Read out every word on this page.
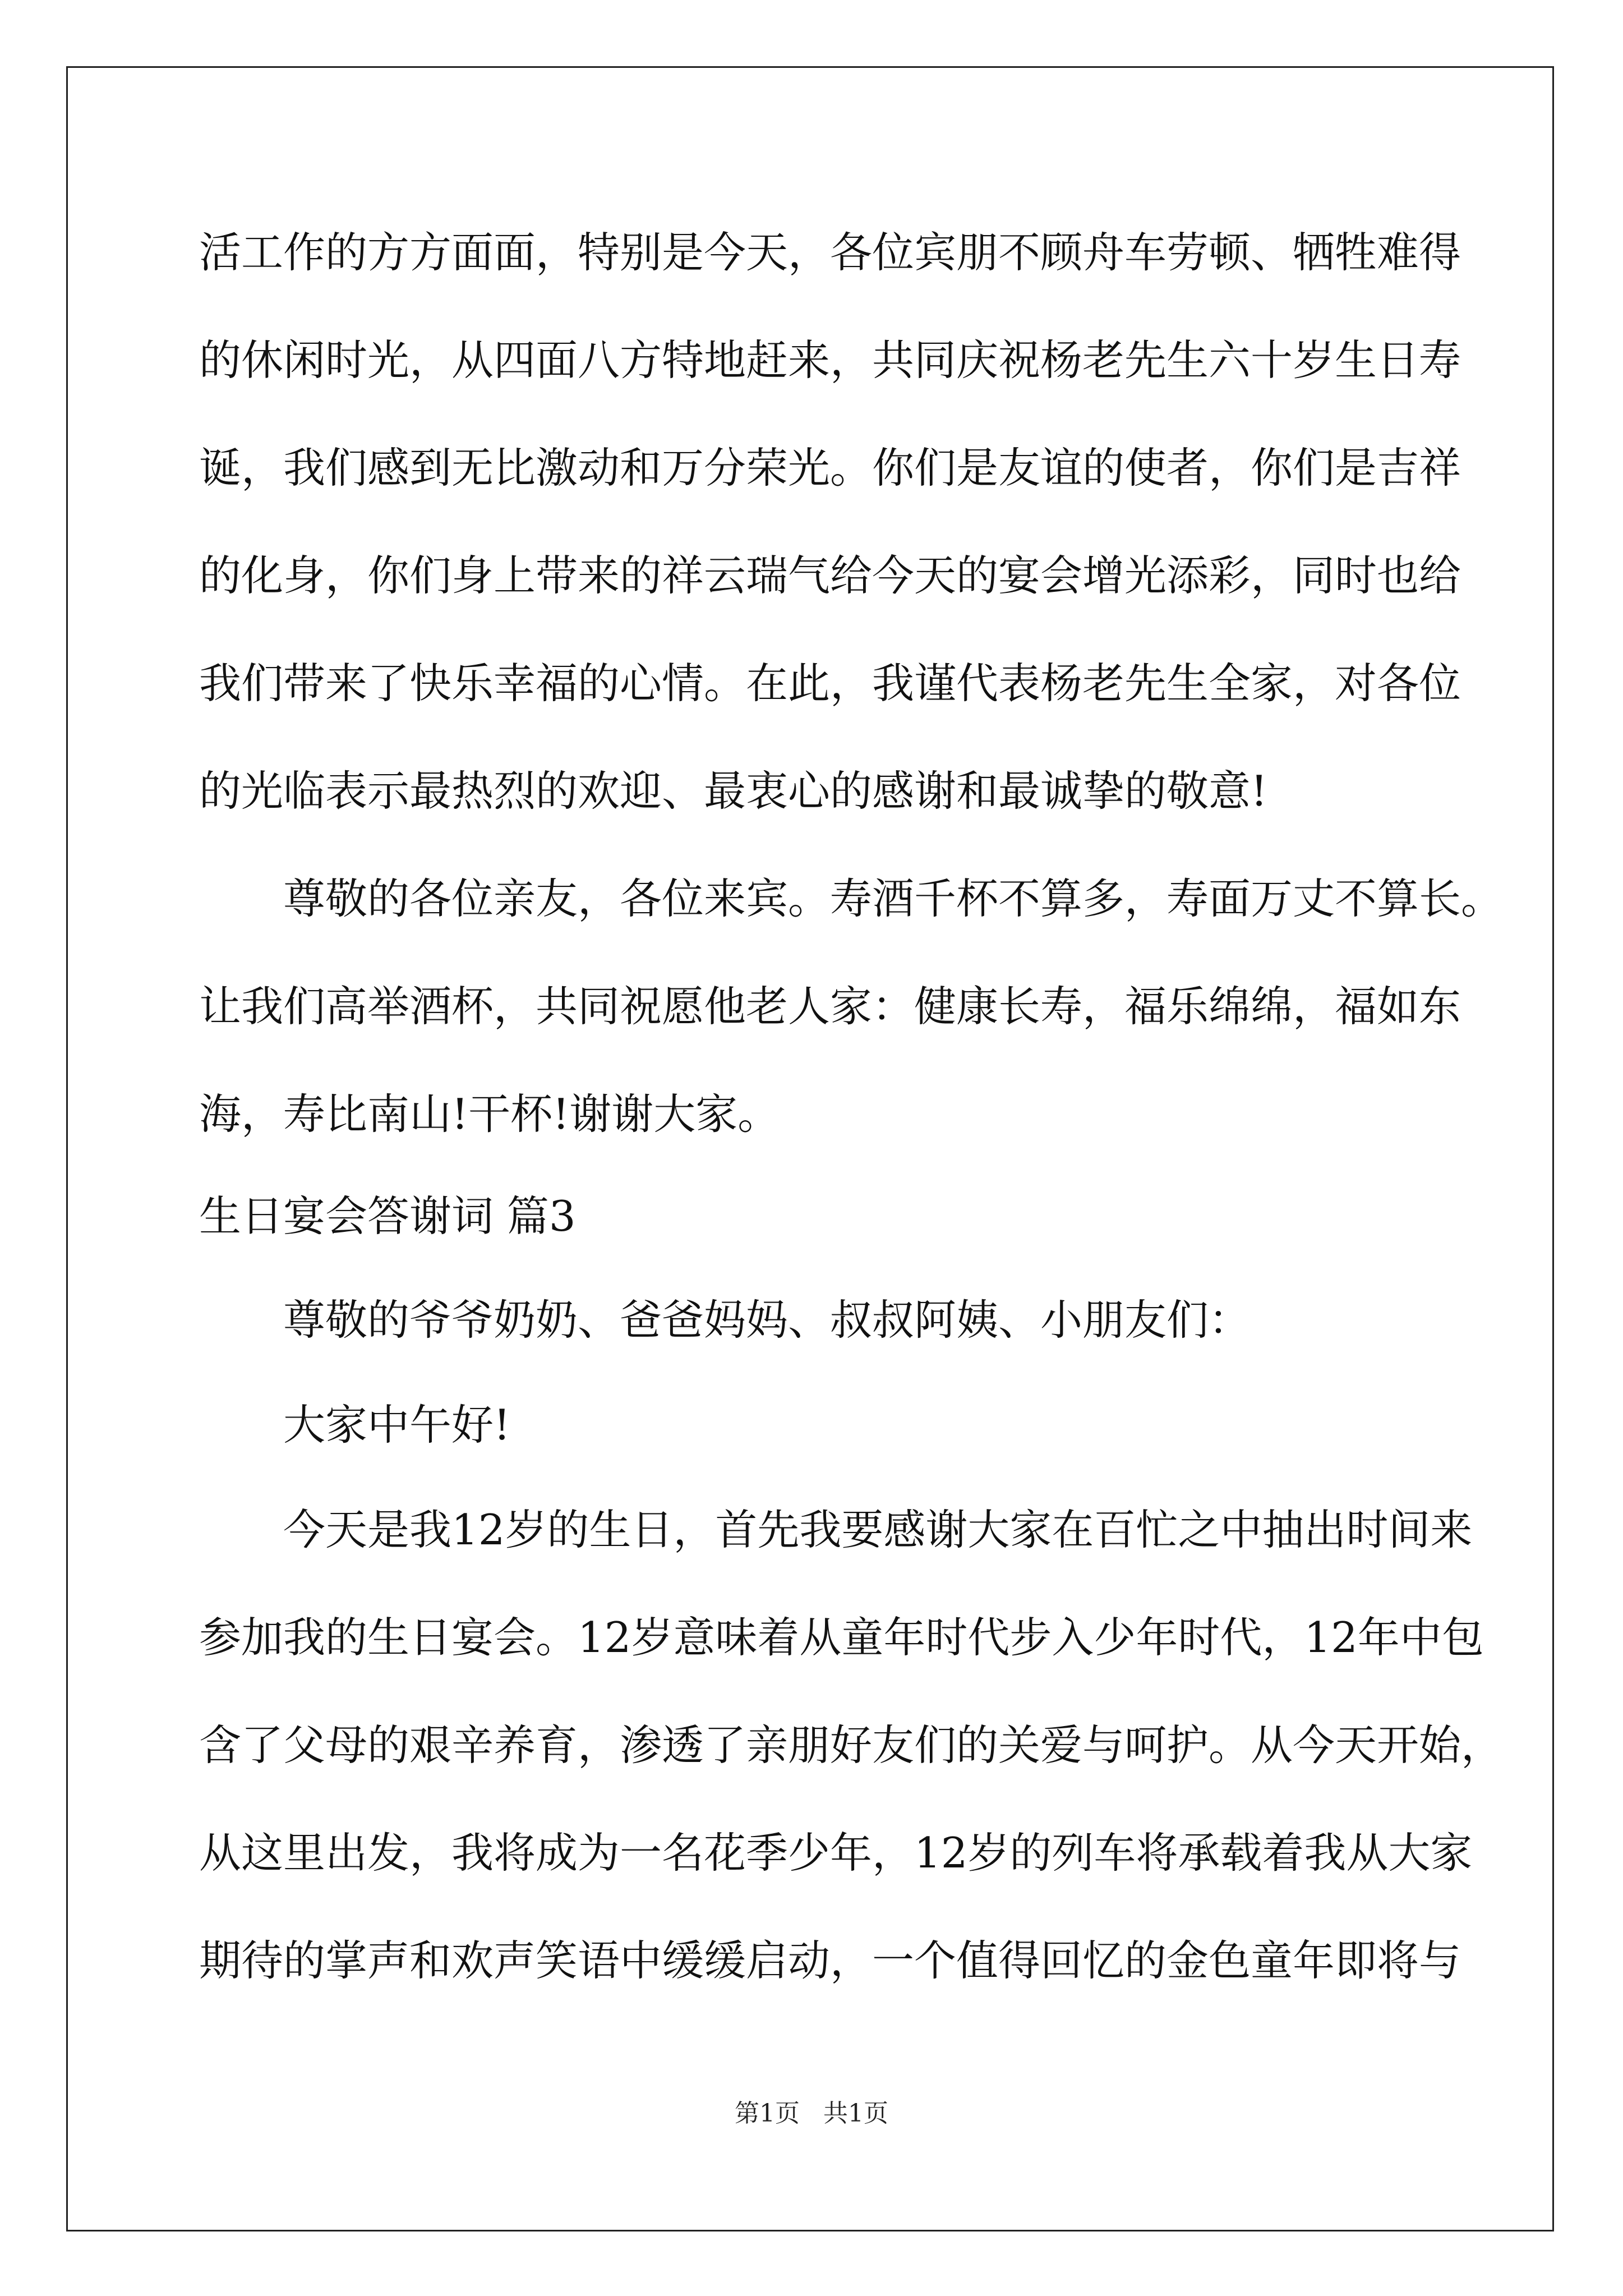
活工作的方方面面，特别是今天，各位宾朋不顾舟车劳顿、牺牲难得
的休闲时光，从四面八方特地赶来，共同庆祝杨老先生六十岁生日寿
诞，我们感到无比激动和万分荣光。你们是友谊的使者，你们是吉祥
的化身，你们身上带来的祥云瑞气给今天的宴会增光添彩，同时也给
我们带来了快乐幸福的心情。在此，我谨代表杨老先生全家，对各位
的光临表示最热烈的欢迎、最衷心的感谢和最诚挚的敬意!
尊敬的各位亲友，各位来宾。寿酒千杯不算多，寿面万丈不算长。
让我们高举酒杯，共同祝愿他老人家：健康长寿，福乐绵绵，福如东
海，寿比南山!干杯!谢谢大家。
生日宴会答谢词 篇3
尊敬的爷爷奶奶、爸爸妈妈、叔叔阿姨、小朋友们：
大家中午好!
今天是我12岁的生日，首先我要感谢大家在百忙之中抽出时间来
参加我的生日宴会。12岁意味着从童年时代步入少年时代，12年中包
含了父母的艰辛养育，渗透了亲朋好友们的关爱与呵护。从今天开始，
从这里出发，我将成为一名花季少年，12岁的列车将承载着我从大家
期待的掌声和欢声笑语中缓缓启动，一个值得回忆的金色童年即将与
第1页   共1页
